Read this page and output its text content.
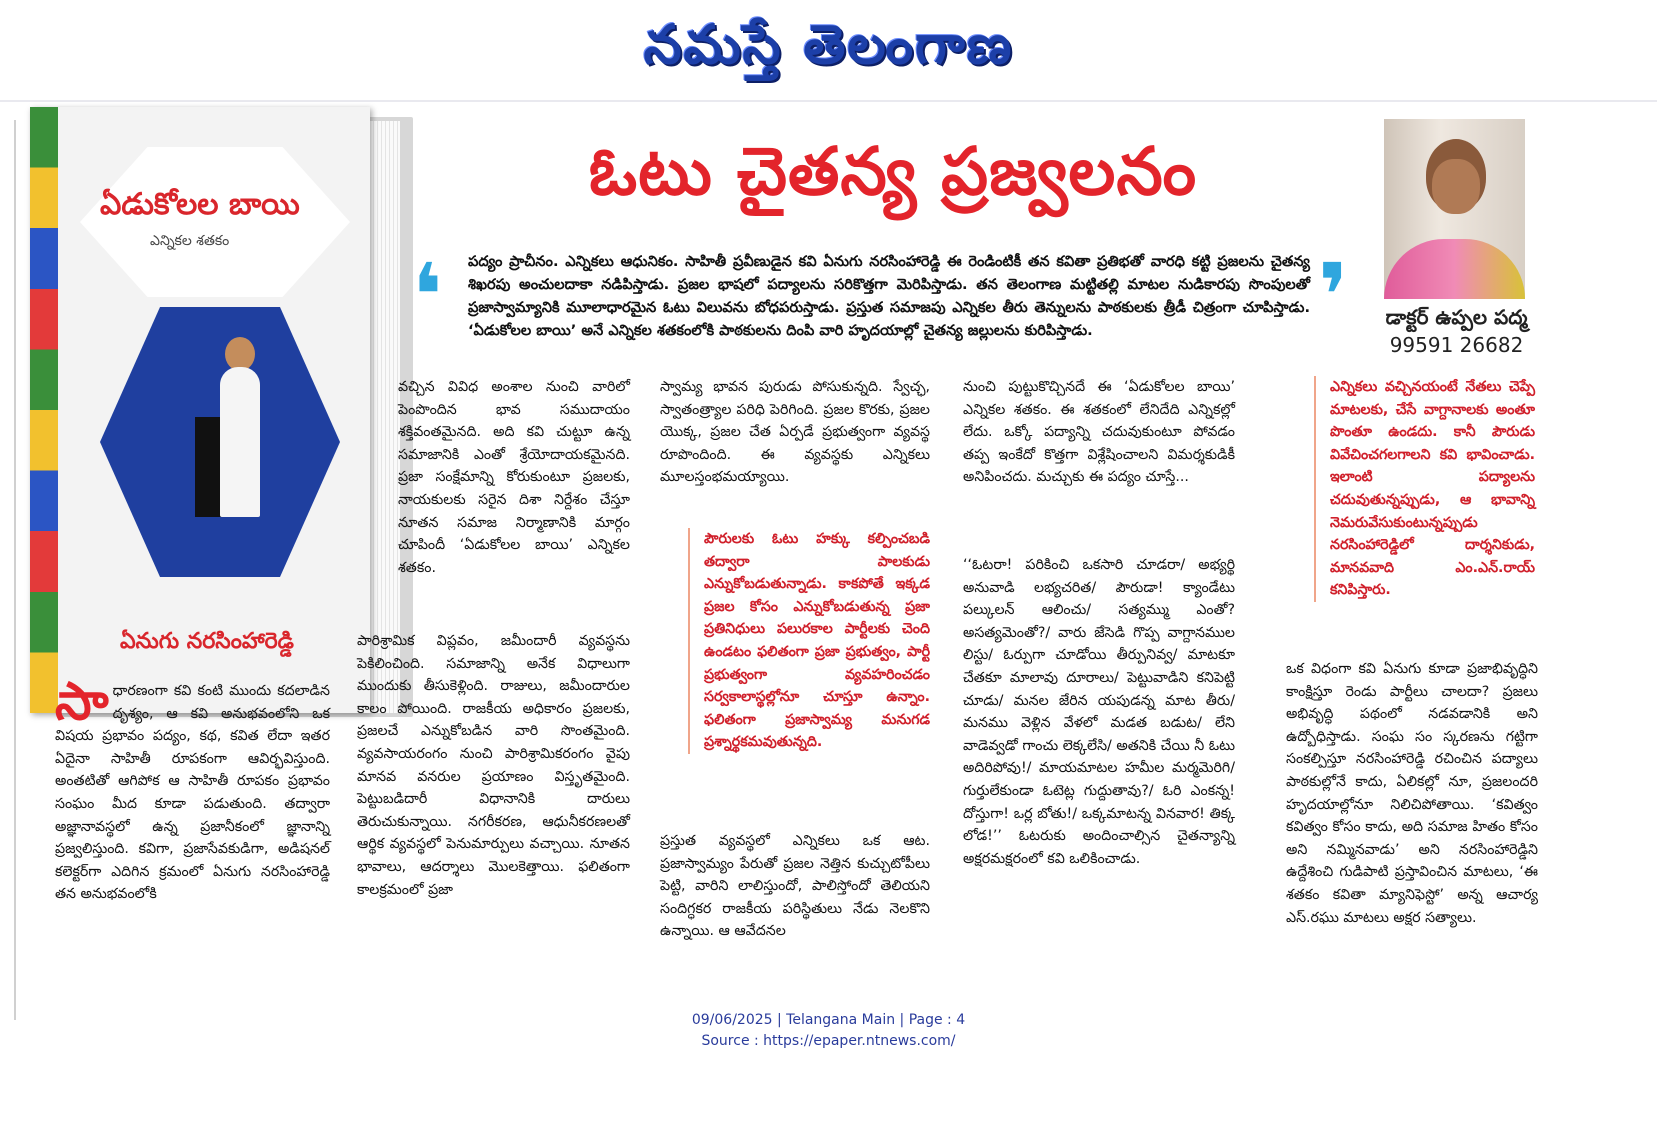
నమస్తే తెలంగాణ
ఏడుకోలల బాయి
ఎన్నికల శతకం
ఏనుగు నరసింహారెడ్డి
ఓటు చైతన్య ప్రజ్వలనం
డాక్టర్ ఉప్పల పద్మ
99591 26682
❛	❜
పద్యం ప్రాచీనం. ఎన్నికలు ఆధునికం. సాహితీ ప్రవీణుడైన కవి ఏనుగు నరసింహారెడ్డి ఈ రెండింటికీ తన కవితా ప్రతిభతో వారధి కట్టి ప్రజలను చైతన్య శిఖరపు అంచులదాకా నడిపిస్తాడు. ప్రజల భాషలో పద్యాలను సరికొత్తగా మెరిపిస్తాడు. తన తెలంగాణ మట్టితల్లి మాటల నుడికారపు సొంపులతో ప్రజాస్వామ్యానికి మూలాధారమైన ఓటు విలువను బోధపరుస్తాడు. ప్రస్తుత సమాజపు ఎన్నికల తీరు తెన్నులను పాఠకులకు త్రీడీ చిత్రంగా చూపిస్తాడు. ‘ఏడుకోలల బాయి’ అనే ఎన్నికల శతకంలోకి పాఠకులను దింపి వారి హృదయాల్లో చైతన్య జల్లులను కురిపిస్తాడు.
సా ధారణంగా కవి కంటి ముందు కదలాడిన దృశ్యం, ఆ కవి అనుభవంలోని ఒక విషయ ప్రభావం పద్యం, కథ, కవిత లేదా ఇతర ఏదైనా సాహితీ రూపకంగా ఆవిర్భవిస్తుంది. అంతటితో ఆగిపోక ఆ సాహితీ రూపకం ప్రభావం సంఘం మీద కూడా పడుతుంది. తద్వారా అజ్ఞానావస్థలో ఉన్న ప్రజానీకంలో జ్ఞానాన్ని ప్రజ్వలిస్తుంది. కవిగా, ప్రజాసేవకుడిగా, అడిషనల్ కలెక్టర్‌గా ఎదిగిన క్రమంలో ఏనుగు నరసింహారెడ్డి తన అనుభవంలోకి
వచ్చిన వివిధ అంశాల నుంచి వారిలో పెంపొందిన భావ సముదాయం శక్తివంతమైనది. అది కవి చుట్టూ ఉన్న సమాజానికి ఎంతో శ్రేయోదాయకమైనది. ప్రజా సంక్షేమాన్ని కోరుకుంటూ ప్రజలకు, నాయకులకు సరైన దిశా నిర్దేశం చేస్తూ నూతన సమాజ నిర్మాణానికి మార్గం చూపిందీ ‘ఏడుకోలల బాయి’ ఎన్నికల శతకం.
పారిశ్రామిక విప్లవం, జమీందారీ వ్యవస్థను పెకిలించింది. సమాజాన్ని అనేక విధాలుగా ముందుకు తీసుకెళ్లింది. రాజులు, జమీందారుల కాలం పోయింది. రాజకీయ అధికారం ప్రజలకు, ప్రజలచే ఎన్నుకోబడిన వారి సొంతమైంది. వ్యవసాయరంగం నుంచి పారిశ్రామికరంగం వైపు మానవ వనరుల ప్రయాణం విస్తృతమైంది. పెట్టుబడిదారీ విధానానికి దారులు తెరుచుకున్నాయి. నగరీకరణ, ఆధునీకరణలతో ఆర్థిక వ్యవస్థలో పెనుమార్పులు వచ్చాయి. నూతన భావాలు, ఆదర్శాలు మొలకెత్తాయి. ఫలితంగా కాలక్రమంలో ప్రజా
స్వామ్య భావన పురుడు పోసుకున్నది. స్వేచ్ఛ, స్వాతంత్ర్యాల పరిధి పెరిగింది. ప్రజల కొరకు, ప్రజల యొక్క, ప్రజల చేత ఏర్పడే ప్రభుత్వంగా వ్యవస్థ రూపొందింది. ఈ వ్యవస్థకు ఎన్నికలు మూలస్తంభమయ్యాయి.
పౌరులకు ఓటు హక్కు కల్పించబడి తద్వారా పాలకుడు ఎన్నుకోబడుతున్నాడు. కాకపోతే ఇక్కడ ప్రజల కోసం ఎన్నుకోబడుతున్న ప్రజా ప్రతినిధులు పలురకాల పార్టీలకు చెంది ఉండటం ఫలితంగా ప్రజా ప్రభుత్వం, పార్టీ ప్రభుత్వంగా వ్యవహరించడం సర్వకాలాస్థల్లోనూ చూస్తూ ఉన్నాం. ఫలితంగా ప్రజాస్వామ్య మనుగడ ప్రశ్నార్థకమవుతున్నది.
ప్రస్తుత వ్యవస్థలో ఎన్నికలు ఒక ఆట. ప్రజాస్వామ్యం పేరుతో ప్రజల నెత్తిన కుచ్చుటోపీలు పెట్టి, వారిని లాలిస్తుందో, పాలిస్తోందో తెలియని సందిగ్ధకర రాజకీయ పరిస్థితులు నేడు నెలకొని ఉన్నాయి. ఆ ఆవేదనల
నుంచి పుట్టుకొచ్చినదే ఈ ‘ఏడుకోలల బాయి’ ఎన్నికల శతకం. ఈ శతకంలో లేనిదేది ఎన్నికల్లో లేదు. ఒక్కో పద్యాన్ని చదువుకుంటూ పోవడం తప్ప ఇంకేదో కొత్తగా విశ్లేషించాలని విమర్శకుడికీ అనిపించదు. మచ్చుకు ఈ పద్యం చూస్తే...
‘‘ఓటరా! పరికించి ఒకసారి చూడరా/ అభ్యర్థి అనువాడి లభ్యచరిత/ పౌరుడా! క్యాండేటు పల్కులన్ ఆలించు/ సత్యమ్ము ఎంతో? అసత్యమెంతో?/ వారు జేసెడి గొప్ప వాగ్దానముల లిస్టు/ ఓర్పుగా చూడోయి తీర్పునివ్వ/ మాటకూ చేతకూ మాలావు దూరాలు/ పెట్టువాడిని కనిపెట్టి చూడు/ మనల జేరిన యపుడన్న మాట తీరు/ మనము వెళ్లిన వేళలో మడత బడుట/ లేని వాడెవ్వడో గాంచు లెక్కలేసి/ అతనికి చేయి నీ ఓటు అదిరిపోవు!/ మాయమాటల హమీల మర్మమెరిగి/ గుర్తులేకుండా ఓటెట్ల గుద్దుతావు?/ ఓరి ఎంకన్న! దోస్తుగా! ఒర్ల బోతు!/ ఒక్కమాటన్న వినవార! తిక్క లోడ!’’ ఓటరుకు అందించాల్సిన చైతన్యాన్ని అక్షరమక్షరంలో కవి ఒలికించాడు.
ఎన్నికలు వచ్చినయంటే నేతలు చెప్పే మాటలకు, చేసే వాగ్దానాలకు అంతూ పొంతూ ఉండదు. కానీ పౌరుడు వివేచించగలగాలని కవి భావించాడు. ఇలాంటి పద్యాలను చదువుతున్నప్పుడు, ఆ భావాన్ని నెమరువేసుకుంటున్నప్పుడు నరసింహారెడ్డిలో దార్శనికుడు, మానవవాది ఎం.ఎన్.రాయ్ కనిపిస్తారు.
ఒక విధంగా కవి ఏనుగు కూడా ప్రజాభివృద్ధిని కాంక్షిస్తూ రెండు పార్టీలు చాలదా? ప్రజలు అభివృద్ధి పథంలో నడవడానికి అని ఉద్బోధిస్తాడు. సంఘ సం స్కరణను గట్టిగా సంకల్పిస్తూ నరసింహారెడ్డి రచించిన పద్యాలు పాఠకుల్లోనే కాదు, ఏలికల్లో నూ, ప్రజలందరి హృదయాల్లోనూ నిలిచిపోతాయి. ‘కవిత్వం కవిత్వం కోసం కాదు, అది సమాజ హితం కోసం అని నమ్మినవాడు’ అని నరసింహారెడ్డిని ఉద్దేశించి గుడిపాటి ప్రస్తావించిన మాటలు, ‘ఈ శతకం కవితా మ్యానిఫెస్టో’ అన్న ఆచార్య ఎస్.రఘు మాటలు అక్షర సత్యాలు.
09/06/2025 | Telangana Main | Page : 4
Source : https://epaper.ntnews.com/
